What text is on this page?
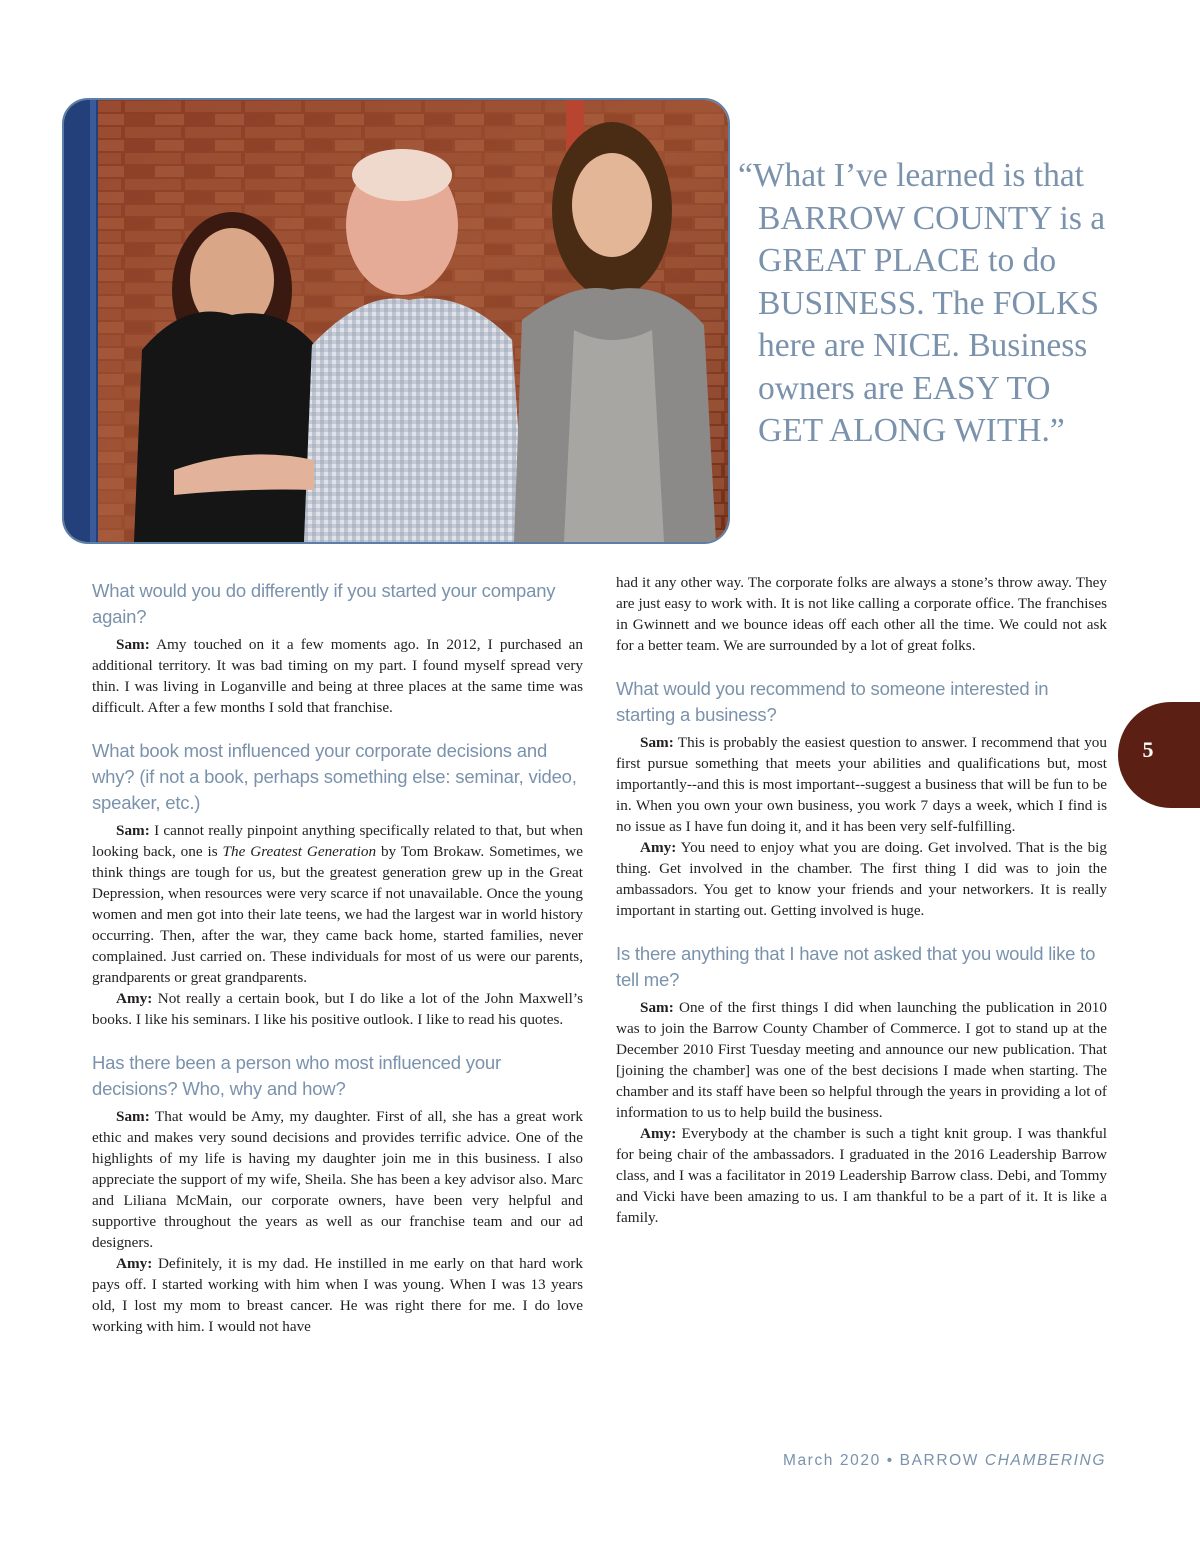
“What I’ve learned is that
BARROW COUNTY is a
GREAT PLACE to do
BUSINESS. The FOLKS
here are NICE. Business
owners are EASY TO
GET ALONG WITH.”

What would you do differently if you started your company again?

Sam: Amy touched on it a few moments ago. In 2012, I purchased an additional territory. It was bad timing on my part. I found myself spread very thin. I was living in Loganville and being at three places at the same time was difficult. After a few months I sold that franchise.

What book most influenced your corporate decisions and why? (if not a book, perhaps something else: seminar, video, speaker, etc.)

Sam: I cannot really pinpoint anything specifically related to that, but when looking back, one is The Greatest Generation by Tom Brokaw. Sometimes, we think things are tough for us, but the greatest generation grew up in the Great Depression, when resources were very scarce if not unavailable. Once the young women and men got into their late teens, we had the largest war in world history occurring. Then, after the war, they came back home, started families, never complained. Just carried on. These individuals for most of us were our parents, grandparents or great grandparents.

Amy: Not really a certain book, but I do like a lot of the John Maxwell’s books. I like his seminars. I like his positive outlook. I like to read his quotes.

Has there been a person who most influenced your decisions? Who, why and how?

Sam: That would be Amy, my daughter. First of all, she has a great work ethic and makes very sound decisions and provides terrific advice. One of the highlights of my life is having my daughter join me in this business. I also appreciate the support of my wife, Sheila. She has been a key advisor also. Marc and Liliana McMain, our corporate owners, have been very helpful and supportive throughout the years as well as our franchise team and our ad designers.

Amy: Definitely, it is my dad. He instilled in me early on that hard work pays off. I started working with him when I was young. When I was 13 years old, I lost my mom to breast cancer. He was right there for me. I do love working with him. I would not have

had it any other way. The corporate folks are always a stone’s throw away. They are just easy to work with. It is not like calling a corporate office. The franchises in Gwinnett and we bounce ideas off each other all the time. We could not ask for a better team. We are surrounded by a lot of great folks.

What would you recommend to someone interested in starting a business?

Sam: This is probably the easiest question to answer. I recommend that you first pursue something that meets your abilities and qualifications but, most importantly--and this is most important--suggest a business that will be fun to be in. When you own your own business, you work 7 days a week, which I find is no issue as I have fun doing it, and it has been very self-fulfilling.

Amy: You need to enjoy what you are doing. Get involved. That is the big thing. Get involved in the chamber. The first thing I did was to join the ambassadors. You get to know your friends and your networkers. It is really important in starting out. Getting involved is huge.

Is there anything that I have not asked that you would like to tell me?

Sam: One of the first things I did when launching the publication in 2010 was to join the Barrow County Chamber of Commerce. I got to stand up at the December 2010 First Tuesday meeting and announce our new publication. That [joining the chamber] was one of the best decisions I made when starting. The chamber and its staff have been so helpful through the years in providing a lot of information to us to help build the business.

Amy: Everybody at the chamber is such a tight knit group. I was thankful for being chair of the ambassadors. I graduated in the 2016 Leadership Barrow class, and I was a facilitator in 2019 Leadership Barrow class. Debi, and Tommy and Vicki have been amazing to us. I am thankful to be a part of it. It is like a family.

5
March 2020 • BARROW CHAMBERING
